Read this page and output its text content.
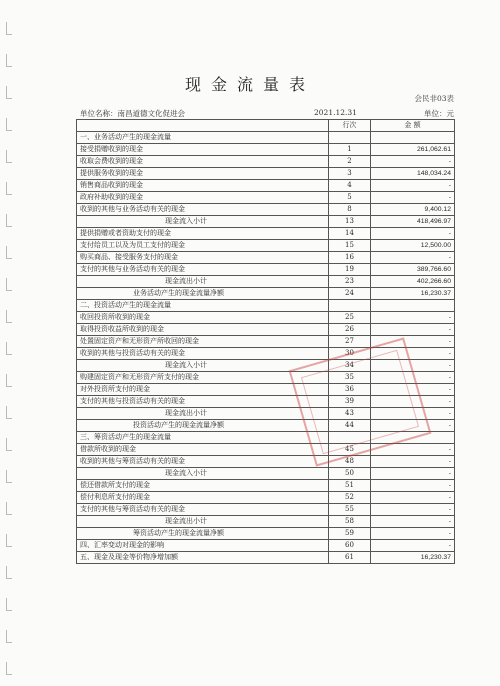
现金流量表
会民非03表
单位名称：南昌道德文化促进会	2021.12.31	单位：元
	行次	金 额
一、业务活动产生的现金流量		
接受捐赠收到的现金	1	261,062.61
收取会费收到的现金	2	-
提供服务收到的现金	3	148,034.24
销售商品收到的现金	4	-
政府补助收到的现金	5	-
收到的其他与业务活动有关的现金	8	9,400.12
现金流入小计	13	418,496.97
提供捐赠或者资助支付的现金	14	-
支付给员工以及为员工支付的现金	15	12,500.00
购买商品、接受服务支付的现金	16	-
支付的其他与业务活动有关的现金	19	389,766.60
现金流出小计	23	402,266.60
业务活动产生的现金流量净额	24	16,230.37
二、投资活动产生的现金流量		
收回投资所收到的现金	25	-
取得投资收益所收到的现金	26	-
处置固定资产和无形资产所收回的现金	27	-
收到的其他与投资活动有关的现金	30	-
现金流入小计	34	-
购建固定资产和无形资产所支付的现金	35	-
对外投资所支付的现金	36	-
支付的其他与投资活动有关的现金	39	-
现金流出小计	43	-
投资活动产生的现金流量净额	44	-
三、筹资活动产生的现金流量		
借款所收到的现金	45	-
收到的其他与筹资活动有关的现金	48	-
现金流入小计	50	-
偿还借款所支付的现金	51	-
偿付利息所支付的现金	52	-
支付的其他与筹资活动有关的现金	55	-
现金流出小计	58	-
筹资活动产生的现金流量净额	59	-
四、汇率变动对现金的影响	60	-
五、现金及现金等价物净增加额	61	16,230.37
